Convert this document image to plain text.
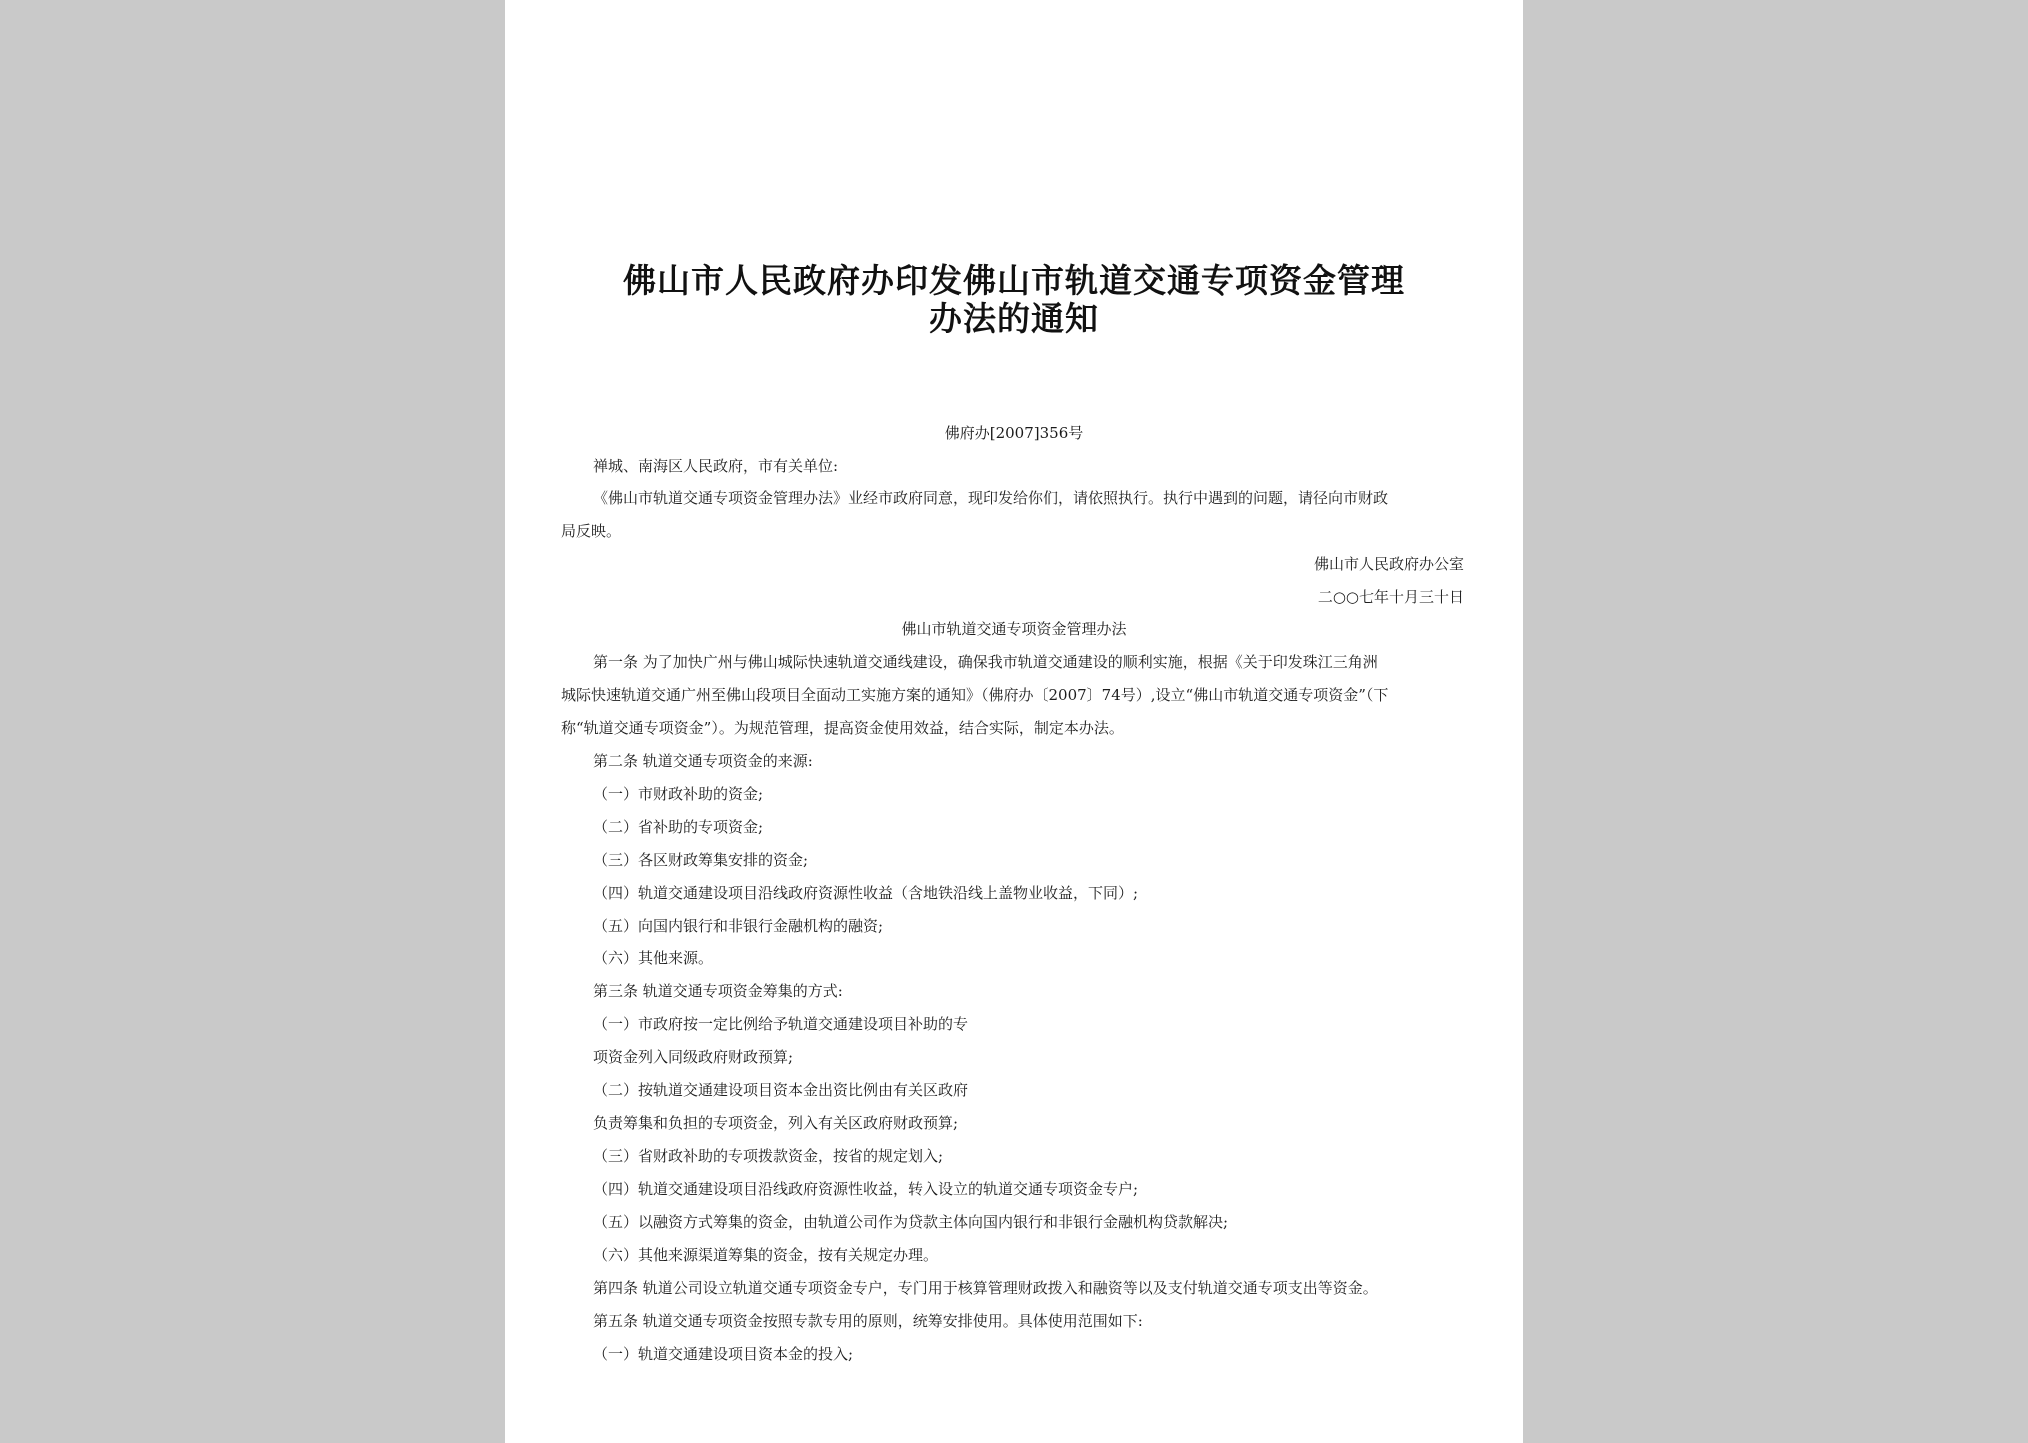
佛山市人民政府办印发佛山市轨道交通专项资金管理
办法的通知
佛府办[2007]356号
禅城、南海区人民政府，市有关单位:
《佛山市轨道交通专项资金管理办法》业经市政府同意，现印发给你们，请依照执行。执行中遇到的问题，请径向市财政
局反映。
佛山市人民政府办公室
二○○七年十月三十日
佛山市轨道交通专项资金管理办法
第一条 为了加快广州与佛山城际快速轨道交通线建设，确保我市轨道交通建设的顺利实施，根据《关于印发珠江三角洲
城际快速轨道交通广州至佛山段项目全面动工实施方案的通知》（佛府办〔2007〕74号）,设立“佛山市轨道交通专项资金”（下
称“轨道交通专项资金”）。为规范管理，提高资金使用效益，结合实际，制定本办法。
第二条 轨道交通专项资金的来源:
（一）市财政补助的资金;
（二）省补助的专项资金;
（三）各区财政筹集安排的资金;
（四）轨道交通建设项目沿线政府资源性收益（含地铁沿线上盖物业收益，下同）;
（五）向国内银行和非银行金融机构的融资;
（六）其他来源。
第三条 轨道交通专项资金筹集的方式:
（一）市政府按一定比例给予轨道交通建设项目补助的专
项资金列入同级政府财政预算;
（二）按轨道交通建设项目资本金出资比例由有关区政府
负责筹集和负担的专项资金，列入有关区政府财政预算;
（三）省财政补助的专项拨款资金，按省的规定划入;
（四）轨道交通建设项目沿线政府资源性收益，转入设立的轨道交通专项资金专户;
（五）以融资方式筹集的资金，由轨道公司作为贷款主体向国内银行和非银行金融机构贷款解决;
（六）其他来源渠道筹集的资金，按有关规定办理。
第四条 轨道公司设立轨道交通专项资金专户，专门用于核算管理财政拨入和融资等以及支付轨道交通专项支出等资金。
第五条 轨道交通专项资金按照专款专用的原则，统筹安排使用。具体使用范围如下:
（一）轨道交通建设项目资本金的投入;
